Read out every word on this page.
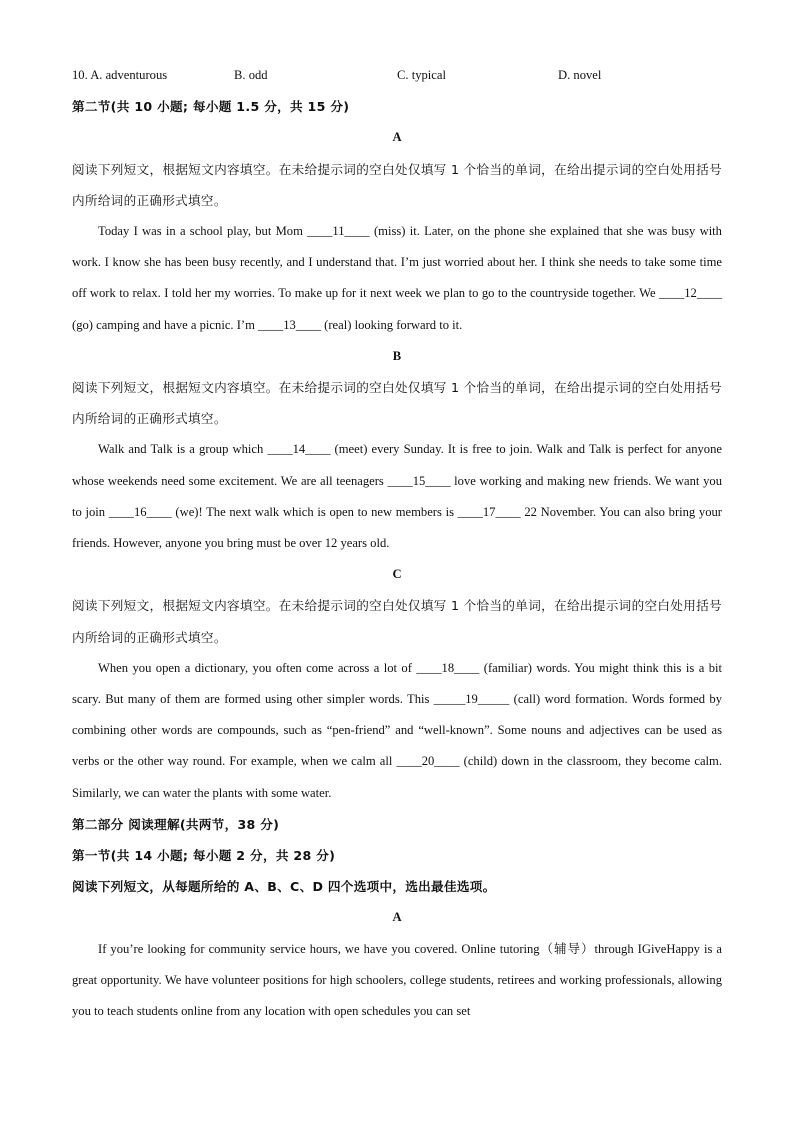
10. A. adventurous	B. odd	C. typical	D. novel
第二节(共 10 小题; 每小题 1.5 分，共 15 分)
A
阅读下列短文，根据短文内容填空。在未给提示词的空白处仅填写 1 个恰当的单词，在给出提示词的空白处用括号内所给词的正确形式填空。
Today I was in a school play, but Mom ____11____ (miss) it. Later, on the phone she explained that she was busy with work. I know she has been busy recently, and I understand that. I’m just worried about her. I think she needs to take some time off work to relax. I told her my worries. To make up for it next week we plan to go to the countryside together. We ____12____ (go) camping and have a picnic. I’m ____13____ (real) looking forward to it.
B
阅读下列短文，根据短文内容填空。在未给提示词的空白处仅填写 1 个恰当的单词，在给出提示词的空白处用括号内所给词的正确形式填空。
Walk and Talk is a group which ____14____ (meet) every Sunday. It is free to join. Walk and Talk is perfect for anyone whose weekends need some excitement. We are all teenagers ____15____ love working and making new friends. We want you to join ____16____ (we)! The next walk which is open to new members is ____17____ 22 November. You can also bring your friends. However, anyone you bring must be over 12 years old.
C
阅读下列短文，根据短文内容填空。在未给提示词的空白处仅填写 1 个恰当的单词，在给出提示词的空白处用括号内所给词的正确形式填空。
When you open a dictionary, you often come across a lot of ____18____ (familiar) words. You might think this is a bit scary. But many of them are formed using other simpler words. This _____19_____ (call) word formation. Words formed by combining other words are compounds, such as “pen-friend” and “well-known”. Some nouns and adjectives can be used as verbs or the other way round. For example, when we calm all ____20____ (child) down in the classroom, they become calm. Similarly, we can water the plants with some water.
第二部分 阅读理解(共两节，38 分)
第一节(共 14 小题; 每小题 2 分，共 28 分)
阅读下列短文，从每题所给的 A、B、C、D 四个选项中，选出最佳选项。
A
If you’re looking for community service hours, we have you covered. Online tutoring（辅导）through IGiveHappy is a great opportunity. We have volunteer positions for high schoolers, college students, retirees and working professionals, allowing you to teach students online from any location with open schedules you can set
